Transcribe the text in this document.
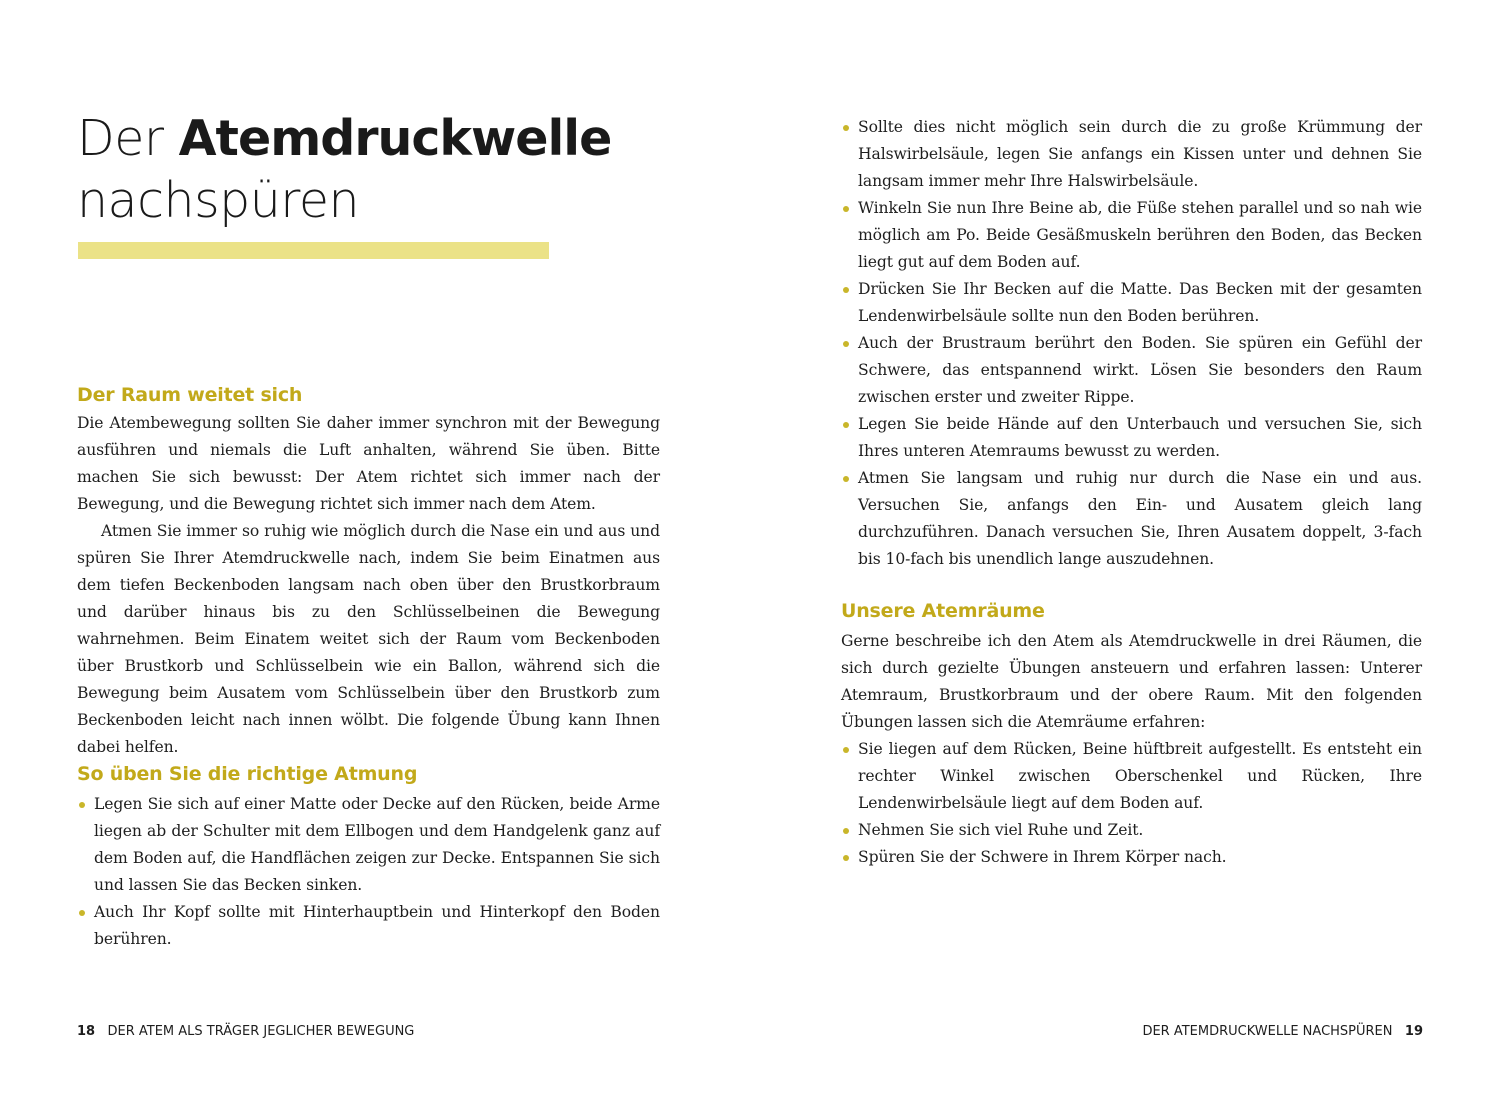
Der Atemdruckwelle
nachspüren
Der Raum weitet sich

Die Atembewegung sollten Sie daher immer synchron mit der Bewegung ausführen und niemals die Luft anhalten, während Sie üben. Bitte machen Sie sich bewusst: Der Atem richtet sich immer nach der Bewegung, und die Bewegung richtet sich immer nach dem Atem.

Atmen Sie immer so ruhig wie möglich durch die Nase ein und aus und spüren Sie Ihrer Atemdruckwelle nach, indem Sie beim Einatmen aus dem tiefen Beckenboden langsam nach oben über den Brustkorbraum und darüber hinaus bis zu den Schlüsselbeinen die Bewegung wahrnehmen. Beim Einatem weitet sich der Raum vom Beckenboden über Brustkorb und Schlüsselbein wie ein Ballon, während sich die Bewegung beim Ausatem vom Schlüsselbein über den Brustkorb zum Beckenboden leicht nach innen wölbt. Die folgende Übung kann Ihnen dabei helfen.

So üben Sie die richtige Atmung
Legen Sie sich auf einer Matte oder Decke auf den Rücken, beide Arme liegen ab der Schulter mit dem Ellbogen und dem Handgelenk ganz auf dem Boden auf, die Handflächen zeigen zur Decke. Entspannen Sie sich und lassen Sie das Becken sinken.
Auch Ihr Kopf sollte mit Hinterhauptbein und Hinterkopf den Boden berühren.
18 DER ATEM ALS TRÄGER JEGLICHER BEWEGUNG
Sollte dies nicht möglich sein durch die zu große Krümmung der Halswirbelsäule, legen Sie anfangs ein Kissen unter und dehnen Sie langsam immer mehr Ihre Halswirbelsäule.
Winkeln Sie nun Ihre Beine ab, die Füße stehen parallel und so nah wie möglich am Po. Beide Gesäßmuskeln berühren den Boden, das Becken liegt gut auf dem Boden auf.
Drücken Sie Ihr Becken auf die Matte. Das Becken mit der gesamten Lendenwirbelsäule sollte nun den Boden berühren.
Auch der Brustraum berührt den Boden. Sie spüren ein Gefühl der Schwere, das entspannend wirkt. Lösen Sie besonders den Raum zwischen erster und zweiter Rippe.
Legen Sie beide Hände auf den Unterbauch und versuchen Sie, sich Ihres unteren Atemraums bewusst zu werden.
Atmen Sie langsam und ruhig nur durch die Nase ein und aus. Versuchen Sie, anfangs den Ein- und Ausatem gleich lang durchzuführen. Danach versuchen Sie, Ihren Ausatem doppelt, 3-fach bis 10-fach bis unendlich lange auszudehnen.
Unsere Atemräume

Gerne beschreibe ich den Atem als Atemdruckwelle in drei Räumen, die sich durch gezielte Übungen ansteuern und erfahren lassen: Unterer Atemraum, Brustkorbraum und der obere Raum. Mit den folgenden Übungen lassen sich die Atemräume erfahren:

Sie liegen auf dem Rücken, Beine hüftbreit aufgestellt. Es entsteht ein rechter Winkel zwischen Oberschenkel und Rücken, Ihre Lendenwirbelsäule liegt auf dem Boden auf.
Nehmen Sie sich viel Ruhe und Zeit.
Spüren Sie der Schwere in Ihrem Körper nach.
DER ATEMDRUCKWELLE NACHSPÜREN 19
